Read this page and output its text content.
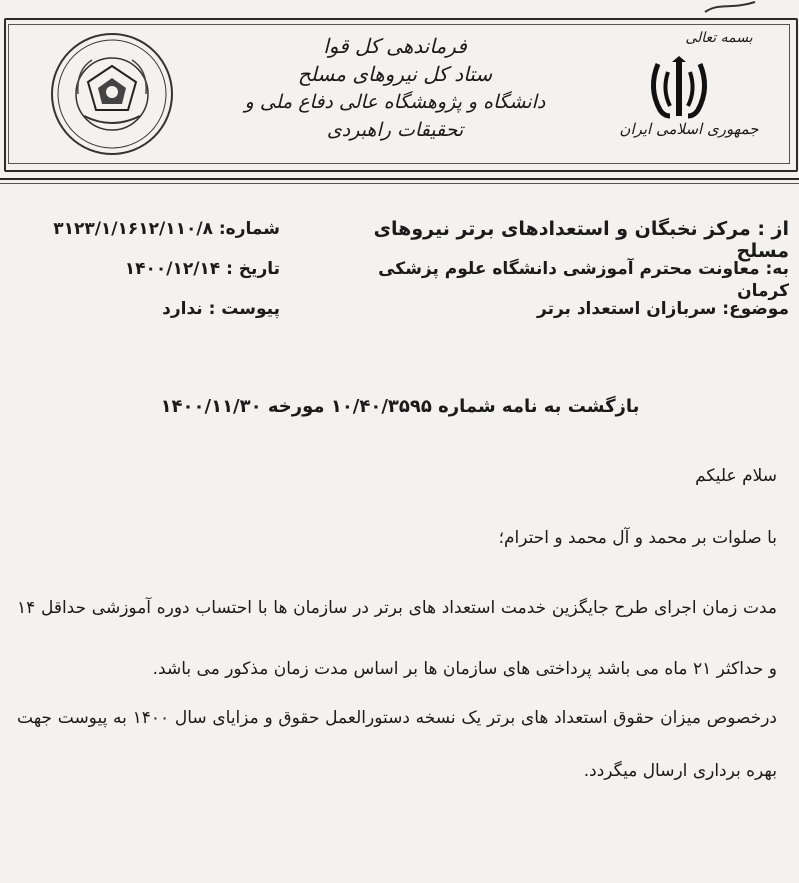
بسمه تعالی
جمهوری اسلامی ایران
فرماندهی کل قوا
ستاد کل نیروهای مسلح
دانشگاه و پژوهشگاه عالی دفاع ملی و تحقیقات راهبردی
از : مرکز نخبگان و استعدادهای برتر نیروهای مسلح
به: معاونت محترم آموزشی دانشگاه علوم پزشکی کرمان
موضوع: سربازان استعداد برتر
شماره: ۳۱۲۳/۱/۱۶۱۲/۱۱۰/۸
تاریخ : ۱۴۰۰/۱۲/۱۴
پیوست : ندارد
بازگشت به نامه شماره ۱۰/۴۰/۳۵۹۵ مورخه ۱۴۰۰/۱۱/۳۰

سلام علیکم

با صلوات بر محمد و آل محمد و احترام؛

مدت زمان اجرای طرح جایگزین خدمت استعداد های برتر در سازمان ها با احتساب دوره آموزشی حداقل ۱۴ و حداکثر ۲۱ ماه می باشد پرداختی های سازمان ها بر اساس مدت زمان مذکور می باشد.

درخصوص میزان حقوق استعداد های برتر یک نسخه دستورالعمل حقوق و مزایای سال ۱۴۰۰ به پیوست جهت بهره برداری ارسال میگردد.
